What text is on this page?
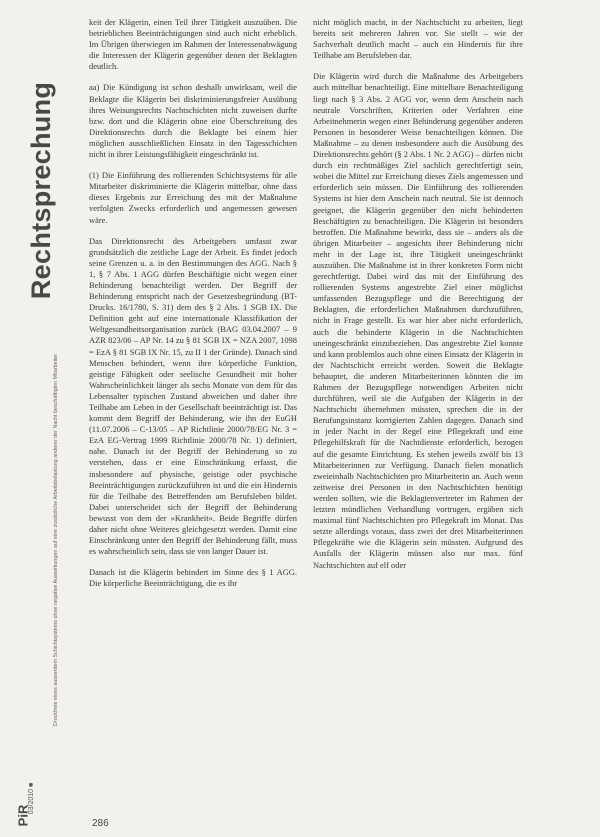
Rechtsprechung
Druckfreie eines ausserdem Schichtsystems ohne negative Auswirkungen auf eine zusätzliche Arbeitsbelastung anderer der Nacht beschäftigten Mitarbeiter
03/2010 ■
PiR	286

keit der Klägerin, einen Teil ihrer Tätigkeit auszuüben. Die betrieblichen Beeinträchtigungen sind auch nicht erheblich. Im Übrigen überwiegen im Rahmen der Interessenabwägung die Interessen der Klägerin gegenüber denen der Beklagten deutlich.

aa) Die Kündigung ist schon deshalb unwirksam, weil die Beklagte die Klägerin bei diskriminierungsfreier Ausübung ihres Weisungsrechts Nachtschichten nicht zuweisen durfte bzw. dort und die Klägerin ohne eine Überschreitung des Direktionsrechts durch die Beklagte bei einem hier möglichen ausschließlichen Einsatz in den Tagesschichten nicht in ihrer Leistungsfähigkeit eingeschränkt ist.

(1) Die Einführung des rollierenden Schichtsystems für alle Mitarbeiter diskriminierte die Klägerin mittelbar, ohne dass dieses Ergebnis zur Erreichung des mit der Maßnahme verfolgten Zwecks erforderlich und angemessen gewesen wäre.

Das Direktionsrecht des Arbeitgebers umfasst zwar grundsätzlich die zeitliche Lage der Arbeit. Es findet jedoch seine Grenzen u. a. in den Bestimmungen des AGG. Nach § 1, § 7 Abs. 1 AGG dürfen Beschäftigte nicht wegen einer Behinderung benachteiligt werden. Der Begriff der Behinderung entspricht nach der Gesetzesbegründung (BT-Drucks. 16/1780, S. 31) dem des § 2 Abs. 1 SGB IX. Die Definition geht auf eine internationale Klassifikation der Weltgesundheitsorganisation zurück (BAG 03.04.2007 – 9 AZR 823/06 – AP Nr. 14 zu § 81 SGB IX = NZA 2007, 1098 = EzA § 81 SGB IX Nr. 15, zu II 1 der Gründe). Danach sind Menschen behindert, wenn ihre körperliche Funktion, geistige Fähigkeit oder seelische Gesundheit mit hoher Wahrscheinlichkeit länger als sechs Monate von dem für das Lebensalter typischen Zustand abweichen und daher ihre Teilhabe am Leben in der Gesellschaft beeinträchtigt ist. Das kommt dem Begriff der Behinderung, wie ihn der EuGH (11.07.2006 – C-13/05 – AP Richtlinie 2000/78/EG Nr. 3 = EzA EG-Vertrag 1999 Richtlinie 2000/78 Nr. 1) definiert, nahe. Danach ist der Begriff der Behinderung so zu verstehen, dass er eine Einschränkung erfasst, die insbesondere auf physische, geistige oder psychische Beeinträchtigungen zurückzuführen ist und die ein Hindernis für die Teilhabe des Betreffenden am Berufsleben bildet. Dabei unterscheidet sich der Begriff der Behinderung bewusst von dem der »Krankheit«. Beide Begriffe dürfen daher nicht ohne Weiteres gleichgesetzt werden. Damit eine Einschränkung unter den Begriff der Behinderung fällt, muss es wahrscheinlich sein, dass sie von langer Dauer ist.

Danach ist die Klägerin behindert im Sinne des § 1 AGG. Die körperliche Beeinträchtigung, die es ihr

nicht möglich macht, in der Nachtschicht zu arbeiten, liegt bereits seit mehreren Jahren vor. Sie stellt – wie der Sachverhalt deutlich macht – auch ein Hindernis für ihre Teilhabe am Berufsleben dar.

Die Klägerin wird durch die Maßnahme des Arbeitgebers auch mittelbar benachteiligt. Eine mittelbare Benachteiligung liegt nach § 3 Abs. 2 AGG vor, wenn dem Anschein nach neutrale Vorschriften, Kriterien oder Verfahren eine Arbeitnehmerin wegen einer Behinderung gegenüber anderen Personen in besonderer Weise benachteiligen können. Die Maßnahme – zu denen insbesondere auch die Ausübung des Direktionsrechts gehört (§ 2 Abs. 1 Nr. 2 AGG) – dürfen nicht durch ein rechtmäßiges Ziel sachlich gerechtfertigt sein, wobei die Mittel zur Erreichung dieses Ziels angemessen und erforderlich sein müssen. Die Einführung des rollierenden Systems ist hier dem Anschein nach neutral. Sie ist dennoch geeignet, die Klägerin gegenüber den nicht behinderten Beschäftigten zu benachteiligen. Die Klägerin ist besonders betroffen. Die Maßnahme bewirkt, dass sie – anders als die übrigen Mitarbeiter – angesichts ihrer Behinderung nicht mehr in der Lage ist, ihre Tätigkeit uneingeschränkt auszuüben. Die Maßnahme ist in ihrer konkreten Form nicht gerechtfertigt. Dabei wird das mit der Einführung des rollierenden Systems angestrebte Ziel einer möglichst umfassenden Bezugspflege und die Berechtigung der Beklagten, die erforderlichen Maßnahmen durchzuführen, nicht in Frage gestellt. Es war hier aber nicht erforderlich, auch die behinderte Klägerin in die Nachtschichten uneingeschränkt einzubeziehen. Das angestrebte Ziel konnte und kann problemlos auch ohne einen Einsatz der Klägerin in der Nachtschicht erreicht werden. Soweit die Beklagte behauptet, die anderen Mitarbeiterinnen könnten die im Rahmen der Bezugspflege notwendigen Arbeiten nicht durchführen, weil sie die Aufgaben der Klägerin in der Nachtschicht übernehmen müssten, sprechen die in der Berufungsinstanz korrigierten Zahlen dagegen. Danach sind in jeder Nacht in der Regel eine Pflegekraft und eine Pflegehilfskraft für die Nachtdienste erforderlich, bezogen auf die gesamte Einrichtung. Es stehen jeweils zwölf bis 13 Mitarbeiterinnen zur Verfügung. Danach fielen monatlich zweieinhalb Nachtschichten pro Mitarbeiterin an. Auch wenn zeitweise drei Personen in den Nachtschichten benötigt werden sollten, wie die Beklagtenvertreter im Rahmen der letzten mündlichen Verhandlung vortrugen, ergäben sich maximal fünf Nachtschichten pro Pflegekraft im Monat. Das setzte allerdings voraus, dass zwei der drei Mitarbeiterinnen Pflegekräfte wie die Klägerin sein müssten. Aufgrund des Ausfalls der Klägerin müssen also nur max. fünf Nachtschichten auf elf oder
